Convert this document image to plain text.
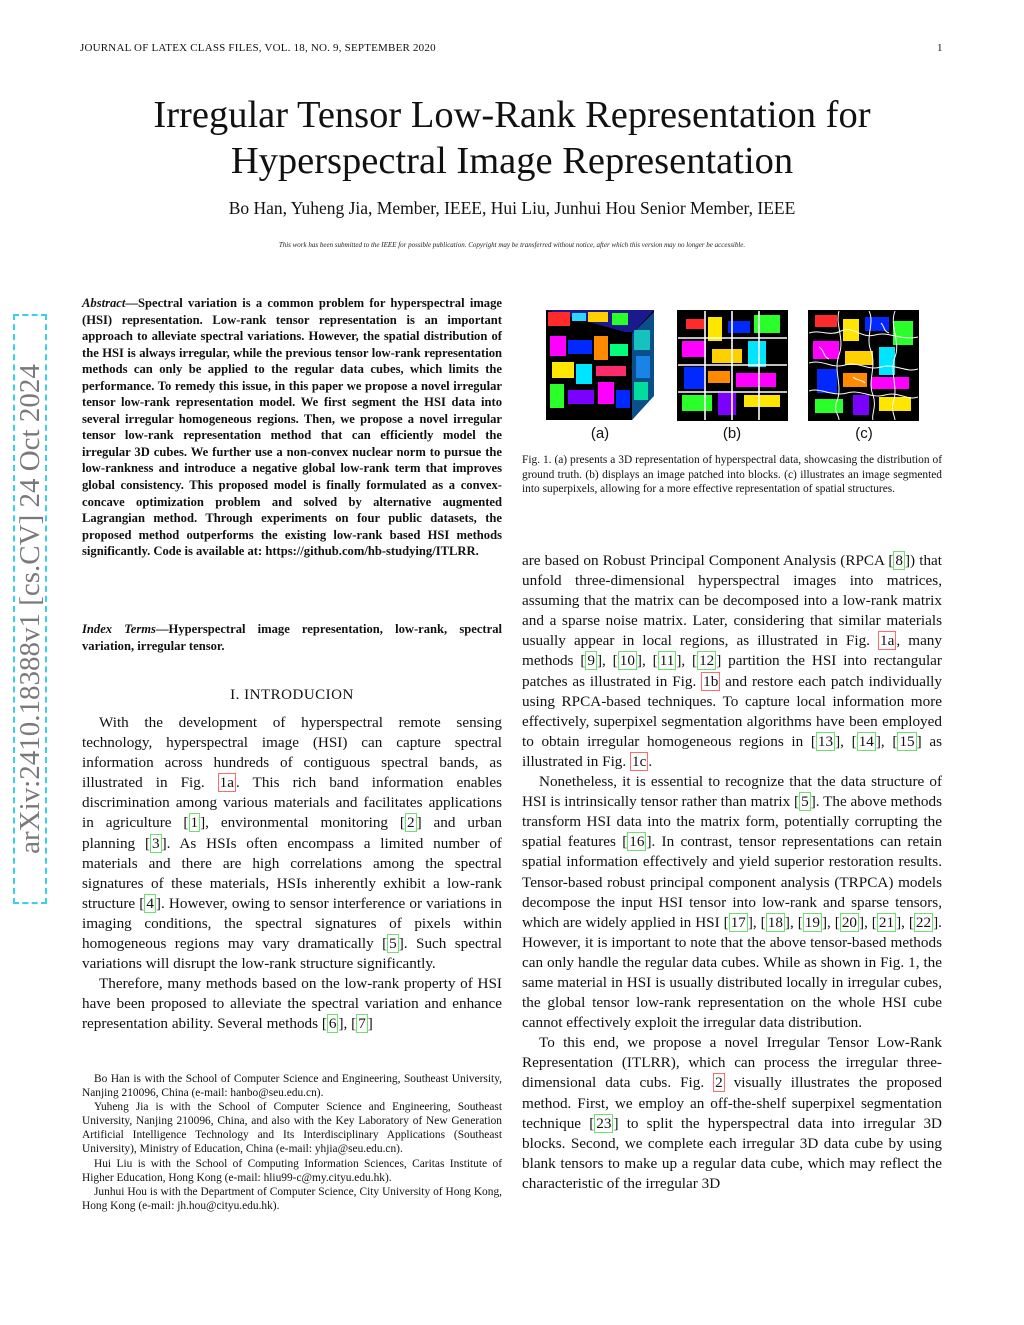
JOURNAL OF LATEX CLASS FILES, VOL. 18, NO. 9, SEPTEMBER 2020	1
Irregular Tensor Low-Rank Representation for
Hyperspectral Image Representation
Bo Han, Yuheng Jia, Member, IEEE, Hui Liu, Junhui Hou Senior Member, IEEE
This work has been submitted to the IEEE for possible publication. Copyright may be transferred without notice, after which this version may no longer be accessible.
arXiv:2410.18388v1 [cs.CV] 24 Oct 2024
Abstract—Spectral variation is a common problem for hyperspectral image (HSI) representation. Low-rank tensor representation is an important approach to alleviate spectral variations. However, the spatial distribution of the HSI is always irregular, while the previous tensor low-rank representation methods can only be applied to the regular data cubes, which limits the performance. To remedy this issue, in this paper we propose a novel irregular tensor low-rank representation model. We first segment the HSI data into several irregular homogeneous regions. Then, we propose a novel irregular tensor low-rank representation method that can efficiently model the irregular 3D cubes. We further use a non-convex nuclear norm to pursue the low-rankness and introduce a negative global low-rank term that improves global consistency. This proposed model is finally formulated as a convex-concave optimization problem and solved by alternative augmented Lagrangian method. Through experiments on four public datasets, the proposed method outperforms the existing low-rank based HSI methods significantly. Code is available at: https://github.com/hb-studying/ITLRR.
Index Terms—Hyperspectral image representation, low-rank, spectral variation, irregular tensor.
I. INTRODUCION

With the development of hyperspectral remote sensing technology, hyperspectral image (HSI) can capture spectral information across hundreds of contiguous spectral bands, as illustrated in Fig. 1a . This rich band information enables discrimination among various materials and facilitates applications in agriculture [ 1 ], environmental monitoring [ 2 ] and urban planning [ 3 ]. As HSIs often encompass a limited number of materials and there are high correlations among the spectral signatures of these materials, HSIs inherently exhibit a low-rank structure [ 4 ]. However, owing to sensor interference or variations in imaging conditions, the spectral signatures of pixels within homogeneous regions may vary dramatically [ 5 ]. Such spectral variations will disrupt the low-rank structure significantly.

Therefore, many methods based on the low-rank property of HSI have been proposed to alleviate the spectral variation and enhance representation ability. Several methods [ 6 ], [ 7 ]

Bo Han is with the School of Computer Science and Engineering, Southeast University, Nanjing 210096, China (e-mail: hanbo@seu.edu.cn).

Yuheng Jia is with the School of Computer Science and Engineering, Southeast University, Nanjing 210096, China, and also with the Key Laboratory of New Generation Artificial Intelligence Technology and Its Interdisciplinary Applications (Southeast University), Ministry of Education, China (e-mail: yhjia@seu.edu.cn).

Hui Liu is with the School of Computing Information Sciences, Caritas Institute of Higher Education, Hong Kong (e-mail: hliu99-c@my.cityu.edu.hk).

Junhui Hou is with the Department of Computer Science, City University of Hong Kong, Hong Kong (e-mail: jh.hou@cityu.edu.hk).

(a)	(b)	(c)
Fig. 1. (a) presents a 3D representation of hyperspectral data, showcasing the distribution of ground truth. (b) displays an image patched into blocks. (c) illustrates an image segmented into superpixels, allowing for a more effective representation of spatial structures.

are based on Robust Principal Component Analysis (RPCA [ 8 ]) that unfold three-dimensional hyperspectral images into matrices, assuming that the matrix can be decomposed into a low-rank matrix and a sparse noise matrix. Later, considering that similar materials usually appear in local regions, as illustrated in Fig. 1a , many methods [ 9 ], [ 10 ], [ 11 ], [ 12 ] partition the HSI into rectangular patches as illustrated in Fig. 1b and restore each patch individually using RPCA-based techniques. To capture local information more effectively, superpixel segmentation algorithms have been employed to obtain irregular homogeneous regions in [ 13 ], [ 14 ], [ 15 ] as illustrated in Fig. 1c .

Nonetheless, it is essential to recognize that the data structure of HSI is intrinsically tensor rather than matrix [ 5 ]. The above methods transform HSI data into the matrix form, potentially corrupting the spatial features [ 16 ]. In contrast, tensor representations can retain spatial information effectively and yield superior restoration results. Tensor-based robust principal component analysis (TRPCA) models decompose the input HSI tensor into low-rank and sparse tensors, which are widely applied in HSI [ 17 ], [ 18 ], [ 19 ], [ 20 ], [ 21 ], [ 22 ]. However, it is important to note that the above tensor-based methods can only handle the regular data cubes. While as shown in Fig. 1, the same material in HSI is usually distributed locally in irregular cubes, the global tensor low-rank representation on the whole HSI cube cannot effectively exploit the irregular data distribution.

To this end, we propose a novel Irregular Tensor Low-Rank Representation (ITLRR), which can process the irregular three-dimensional data cubs. Fig. 2 visually illustrates the proposed method. First, we employ an off-the-shelf superpixel segmentation technique [ 23 ] to split the hyperspectral data into irregular 3D blocks. Second, we complete each irregular 3D data cube by using blank tensors to make up a regular data cube, which may reflect the characteristic of the irregular 3D
